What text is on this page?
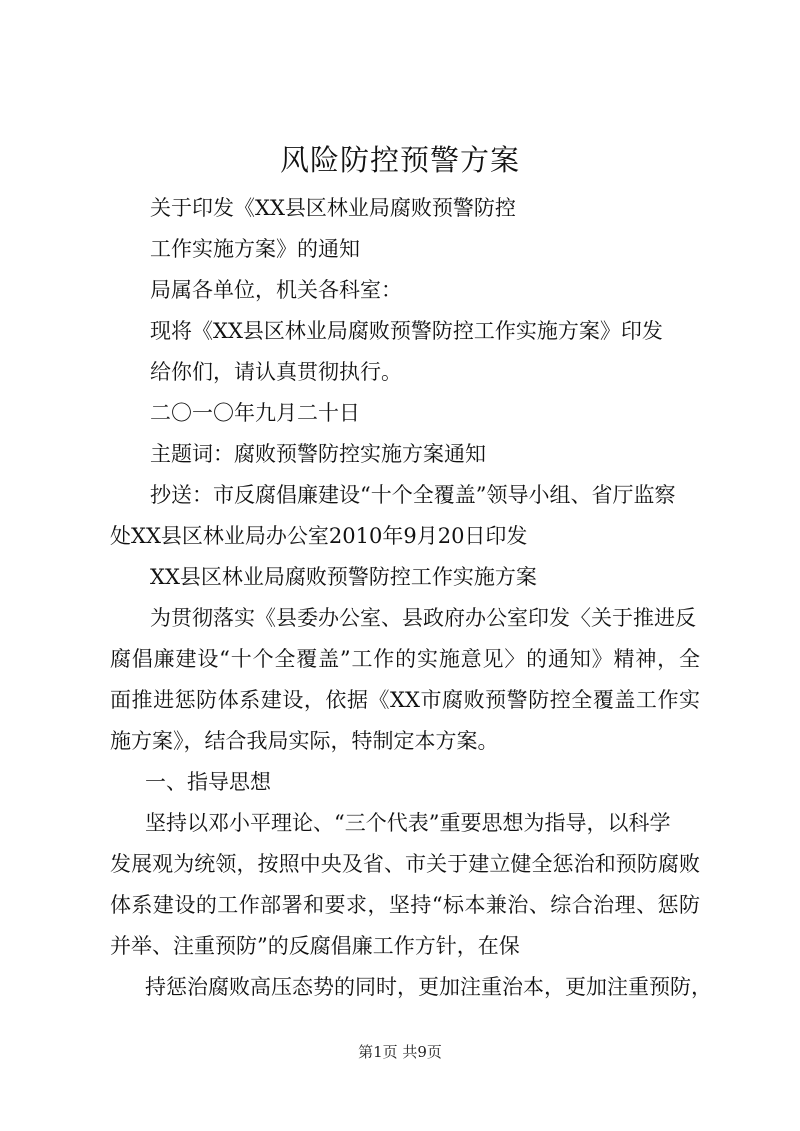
风险防控预警方案

关于印发《XX县区林业局腐败预警防控

工作实施方案》的通知

局属各单位，机关各科室：

现将《XX县区林业局腐败预警防控工作实施方案》印发

给你们，请认真贯彻执行。

二〇一〇年九月二十日

主题词：腐败预警防控实施方案通知

抄送：市反腐倡廉建设“十个全覆盖”领导小组、省厅监察

处XX县区林业局办公室2010年9月20日印发

XX县区林业局腐败预警防控工作实施方案

为贯彻落实《县委办公室、县政府办公室印发〈关于推进反

腐倡廉建设“十个全覆盖”工作的实施意见〉的通知》精神，全

面推进惩防体系建设，依据《XX市腐败预警防控全覆盖工作实

施方案》，结合我局实际，特制定本方案。

一、指导思想

坚持以邓小平理论、“三个代表”重要思想为指导，以科学

发展观为统领，按照中央及省、市关于建立健全惩治和预防腐败

体系建设的工作部署和要求，坚持“标本兼治、综合治理、惩防

并举、注重预防”的反腐倡廉工作方针，在保

持惩治腐败高压态势的同时，更加注重治本，更加注重预防，

第1页 共9页
